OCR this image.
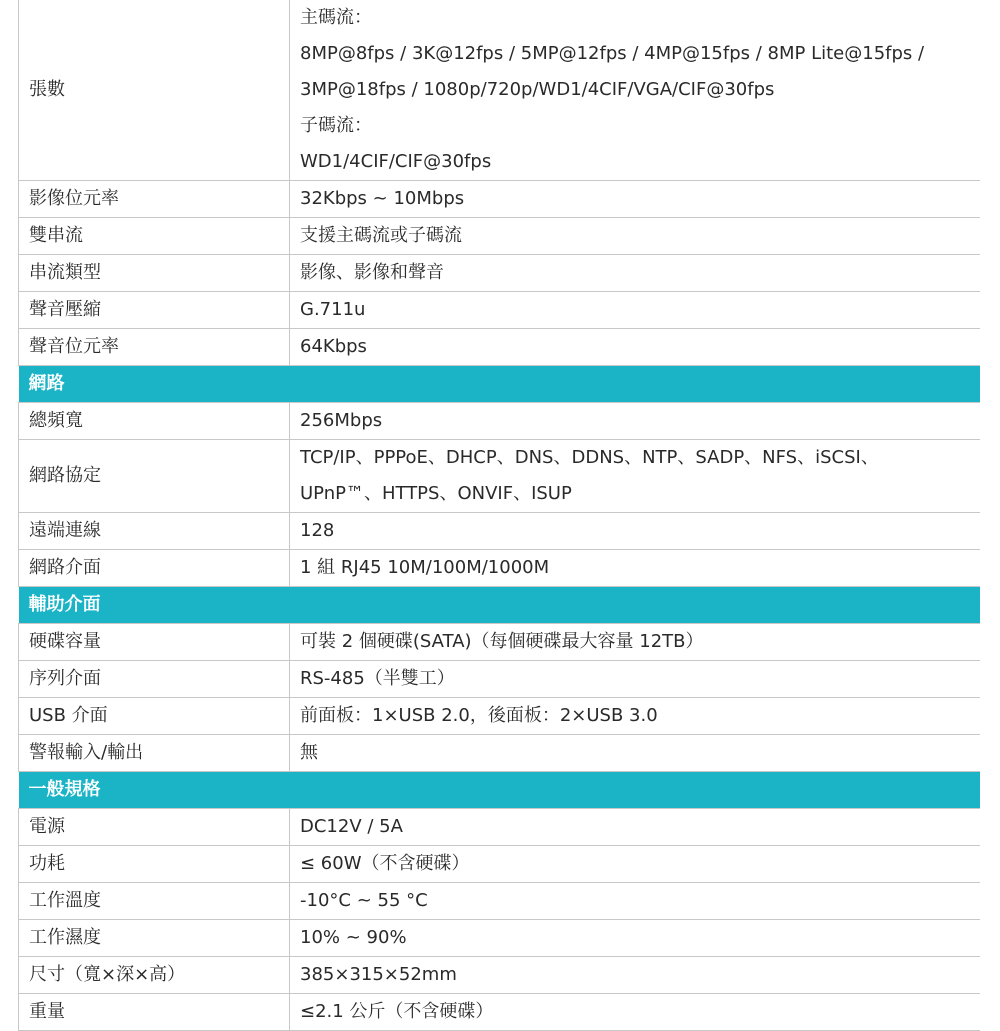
張數	主碼流：
8MP@8fps / 3K@12fps / 5MP@12fps / 4MP@15fps / 8MP Lite@15fps /
3MP@18fps / 1080p/720p/WD1/4CIF/VGA/CIF@30fps
子碼流：
WD1/4CIF/CIF@30fps

影像位元率	32Kbps ~ 10Mbps
雙串流	支援主碼流或子碼流
串流類型	影像、影像和聲音
聲音壓縮	G.711u
聲音位元率	64Kbps
網路	
總頻寬	256Mbps
網路協定	TCP/IP、PPPoE、DHCP、DNS、DDNS、NTP、SADP、NFS、iSCSI、
UPnP™、HTTPS、ONVIF、ISUP

遠端連線	128
網路介面	1 組 RJ45 10M/100M/1000M
輔助介面	
硬碟容量	可裝 2 個硬碟(SATA)（每個硬碟最大容量 12TB）
序列介面	RS-485（半雙工）
USB 介面	前面板：1×USB 2.0，後面板：2×USB 3.0
警報輸入/輸出	無
一般規格	
電源	DC12V / 5A
功耗	≤ 60W（不含硬碟）
工作溫度	-10°C ~ 55 °C
工作濕度	10% ~ 90%
尺寸（寬×深×高）	385×315×52mm
重量	≤2.1 公斤（不含硬碟）
